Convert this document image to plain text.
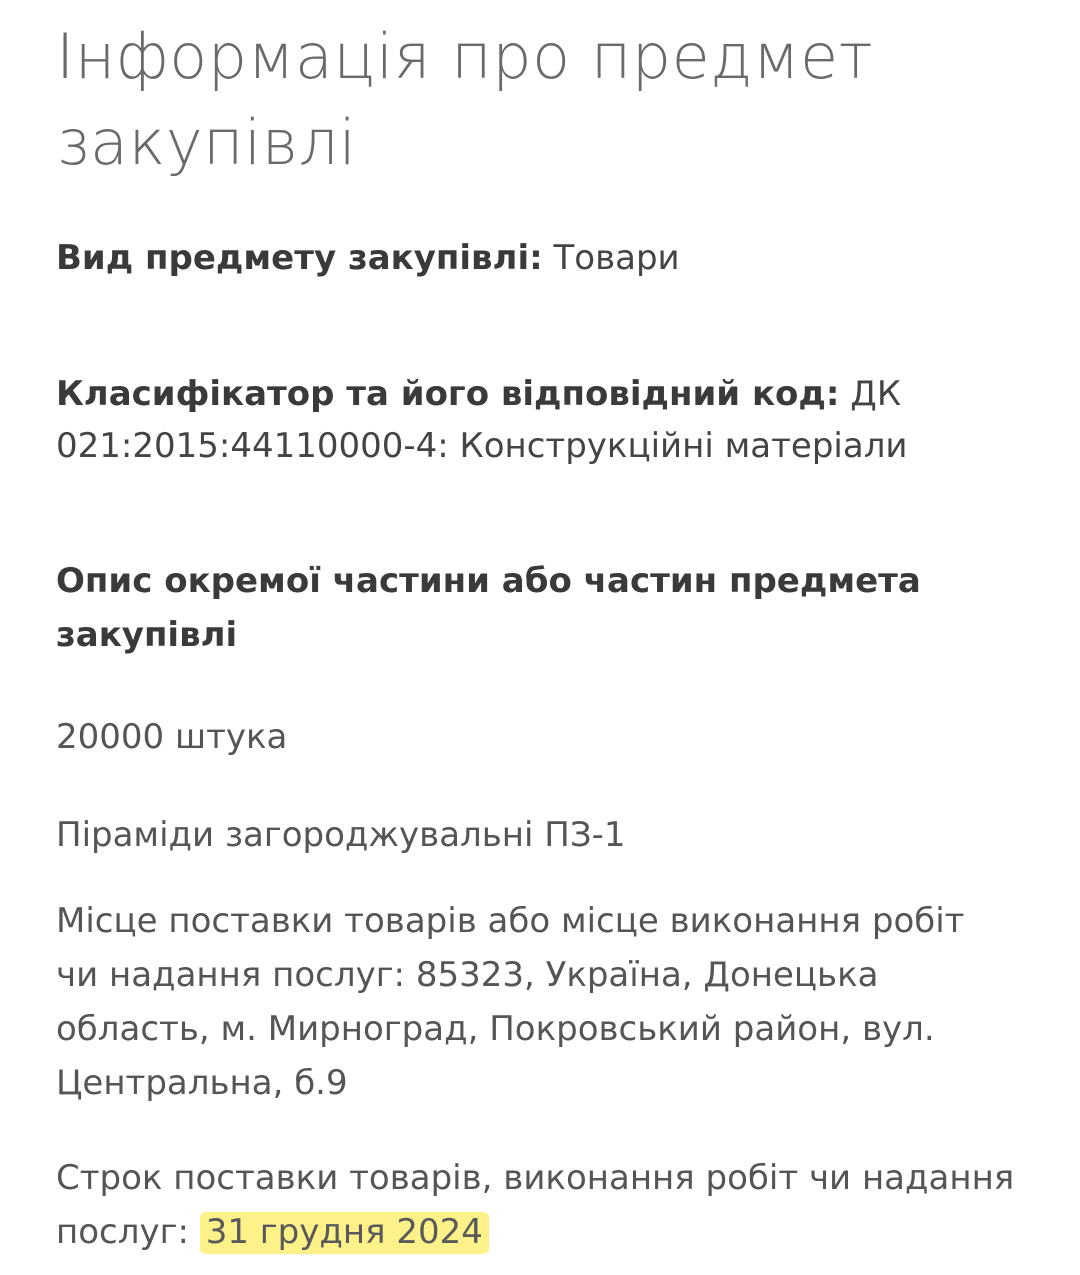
Інформація про предмет закупівлі

Вид предмету закупівлі: Товари

Класифікатор та його відповідний код: ДК 021:2015:44110000-4: Конструкційні матеріали

Опис окремої частини або частин предмета закупівлі

20000 штука

Піраміди загороджувальні ПЗ-1

Місце поставки товарів або місце виконання робіт чи надання послуг: 85323, Україна, Донецька область, м. Мирноград, Покровський район, вул. Центральна, б.9

Строк поставки товарів, виконання робіт чи надання послуг: 31 грудня 2024
